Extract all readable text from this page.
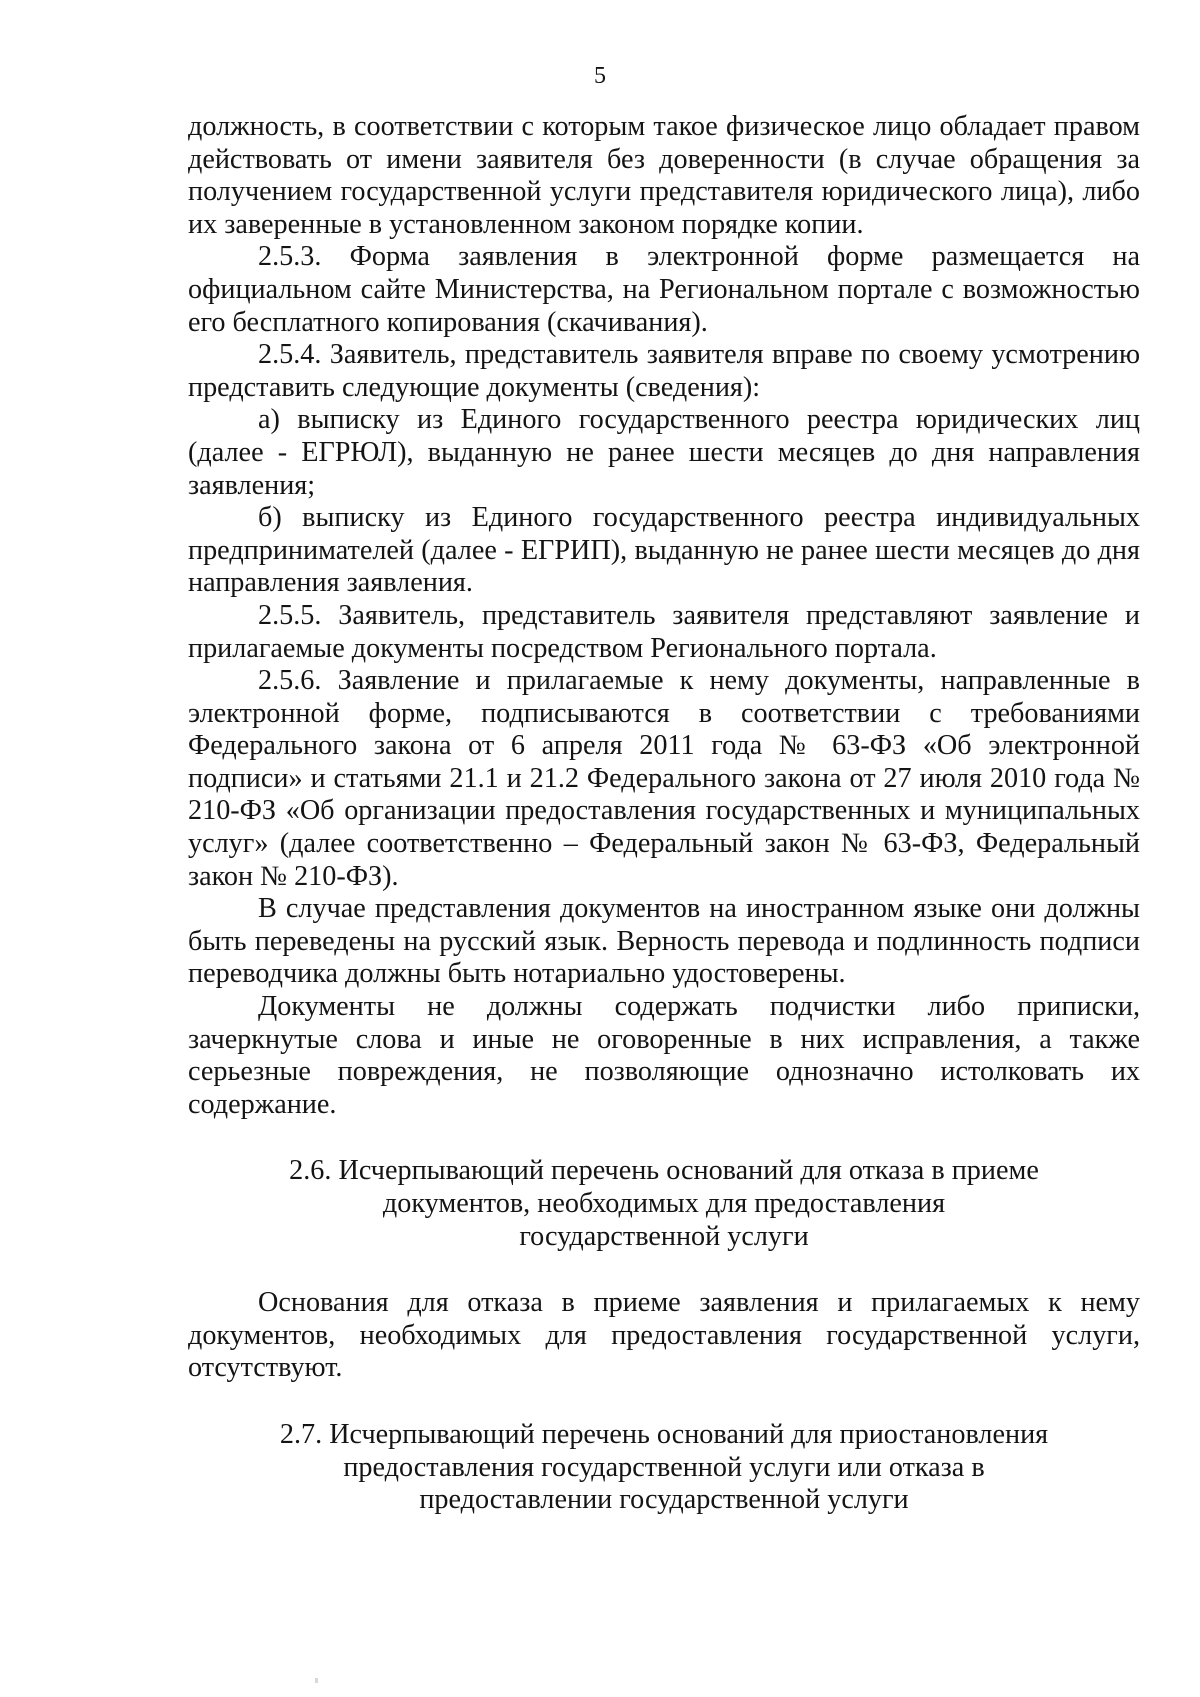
5

должность, в соответствии с которым такое физическое лицо обладает правом действовать от имени заявителя без доверенности (в случае обращения за получением государственной услуги представителя юридического лица), либо их заверенные в установленном законом порядке копии.

2.5.3. Форма заявления в электронной форме размещается на официальном сайте Министерства, на Региональном портале с возможностью его бесплатного копирования (скачивания).

2.5.4. Заявитель, представитель заявителя вправе по своему усмотрению представить следующие документы (сведения):

а) выписку из Единого государственного реестра юридических лиц (далее - ЕГРЮЛ), выданную не ранее шести месяцев до дня направления заявления;

б) выписку из Единого государственного реестра индивидуальных предпринимателей (далее - ЕГРИП), выданную не ранее шести месяцев до дня направления заявления.

2.5.5. Заявитель, представитель заявителя представляют заявление и прилагаемые документы посредством Регионального портала.

2.5.6. Заявление и прилагаемые к нему документы, направленные в электронной форме, подписываются в соответствии с требованиями Федерального закона от 6 апреля 2011 года № 63-ФЗ «Об электронной подписи» и статьями 21.1 и 21.2 Федерального закона от 27 июля 2010 года № 210-ФЗ «Об организации предоставления государственных и муниципальных услуг» (далее соответственно – Федеральный закон № 63-ФЗ, Федеральный закон № 210-ФЗ).

В случае представления документов на иностранном языке они должны быть переведены на русский язык. Верность перевода и подлинность подписи переводчика должны быть нотариально удостоверены.

Документы не должны содержать подчистки либо приписки, зачеркнутые слова и иные не оговоренные в них исправления, а также серьезные повреждения, не позволяющие однозначно истолковать их содержание.

2.6. Исчерпывающий перечень оснований для отказа в приеме

документов, необходимых для предоставления

государственной услуги

Основания для отказа в приеме заявления и прилагаемых к нему документов, необходимых для предоставления государственной услуги, отсутствуют.

2.7. Исчерпывающий перечень оснований для приостановления

предоставления государственной услуги или отказа в

предоставлении государственной услуги
